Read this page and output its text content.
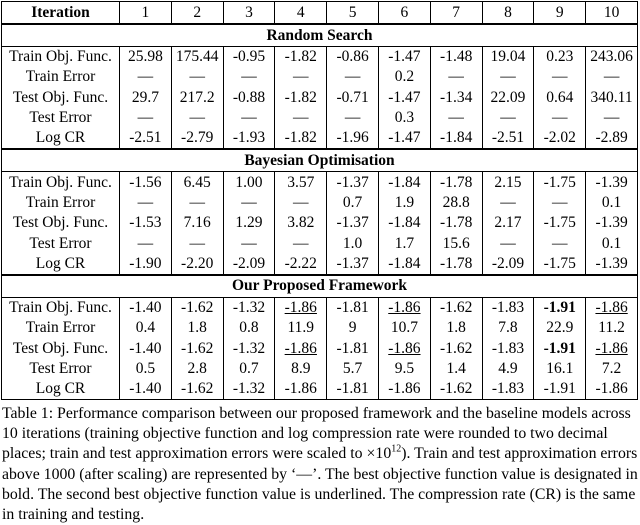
Iteration	1	2	3	4	5	6	7	8	9	10
Random Search										
Train Obj. Func.	25.98	175.44	-0.95	-1.82	-0.86	-1.47	-1.48	19.04	0.23	243.06
Train Error	—	—	—	—	—	0.2	—	—	—	—
Test Obj. Func.	29.7	217.2	-0.88	-1.82	-0.71	-1.47	-1.34	22.09	0.64	340.11
Test Error	—	—	—	—	—	0.3	—	—	—	—
Log CR	-2.51	-2.79	-1.93	-1.82	-1.96	-1.47	-1.84	-2.51	-2.02	-2.89
Bayesian Optimisation										
Train Obj. Func.	-1.56	6.45	1.00	3.57	-1.37	-1.84	-1.78	2.15	-1.75	-1.39
Train Error	—	—	—	—	0.7	1.9	28.8	—	—	0.1
Test Obj. Func.	-1.53	7.16	1.29	3.82	-1.37	-1.84	-1.78	2.17	-1.75	-1.39
Test Error	—	—	—	—	1.0	1.7	15.6	—	—	0.1
Log CR	-1.90	-2.20	-2.09	-2.22	-1.37	-1.84	-1.78	-2.09	-1.75	-1.39
Our Proposed Framework										
Train Obj. Func.	-1.40	-1.62	-1.32	-1.86	-1.81	-1.86	-1.62	-1.83	-1.91	-1.86
Train Error	0.4	1.8	0.8	11.9	9	10.7	1.8	7.8	22.9	11.2
Test Obj. Func.	-1.40	-1.62	-1.32	-1.86	-1.81	-1.86	-1.62	-1.83	-1.91	-1.86
Test Error	0.5	2.8	0.7	8.9	5.7	9.5	1.4	4.9	16.1	7.2
Log CR	-1.40	-1.62	-1.32	-1.86	-1.81	-1.86	-1.62	-1.83	-1.91	-1.86
Table 1: Performance comparison between our proposed framework and the baseline models across
10 iterations (training objective function and log compression rate were rounded to two decimal
places; train and test approximation errors were scaled to $\times 10^{12}$). Train and test approximation errors
above 1000 (after scaling) are represented by ‘—’. The best objective function value is designated in
bold. The second best objective function value is underlined. The compression rate (CR) is the same
in training and testing.
